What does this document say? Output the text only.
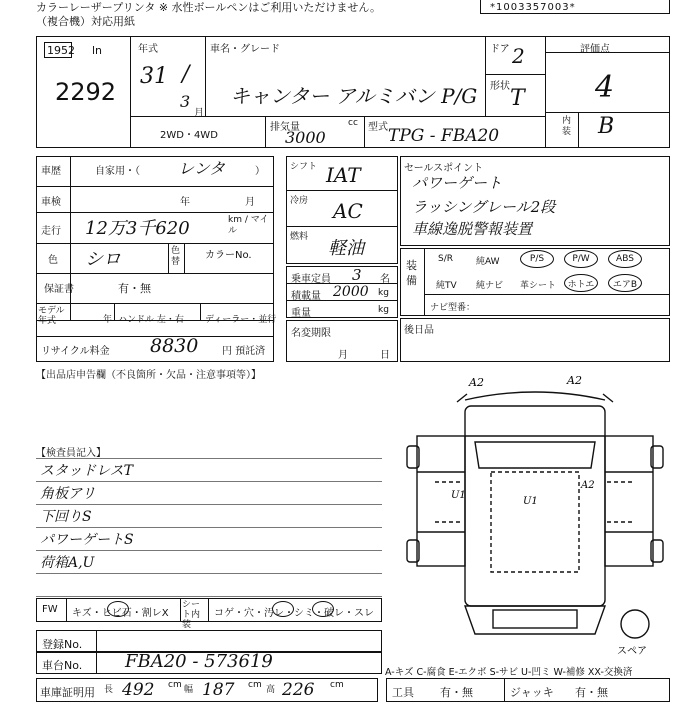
カラーレーザープリンタ ※ 水性ボールペンはご利用いただけません。
（複合機）対応用紙
*1003357003*
1952 ln
2292
年式
31 /
3
月
車名・グレード
キャンター アルミバン P/G
ドア 2
形状 T
評価点
4
内装 B
2WD・4WD
排気量	cc
3000
型式 TPG - FBA20
車歴	自家用・（ レンタ	）
車検	年	月
走行 12万3千620	km / マイル
色 シロ	色替
カラーNo.
保証書	有・無
モデル年式	年 ハンドル 左・右 ディーラー・並行
リサイクル料金 8830 円 預託済
シフト IAT
冷房 AC
燃料
軽油
乗車定員 3 名
積載量 2000 kg
重量	kg
名変期限
月	日
セールスポイント
パワーゲート
ラッシングレール2段
車線逸脱警報装置
装備
S/R	純AW	P/S	P/W	ABS
純TV 純ナビ 革シート ホトエ エアB
ナビ型番：
後日品
【出品店申告欄（不良箇所・欠品・注意事項等）】
【検査員記入】
スタッドレスT
角板アリ
下回りS
パワーゲートS
荷箱A,U
FW キズ・ヒビ石・割レX
シート内装
コゲ・穴・汚レ・シミ・破レ・スレ
登録No.
車台No. FBA20 - 573619
車庫証明用 長 492 cm 幅 187 cm 高 226 cm
工具 有・無	ジャッキ 有・無
A-キズ C-腐食 E-エクボ S-サビ U-凹ミ W-補修 XX-交換済
A2	A2
U1
U1
A2
スペア
